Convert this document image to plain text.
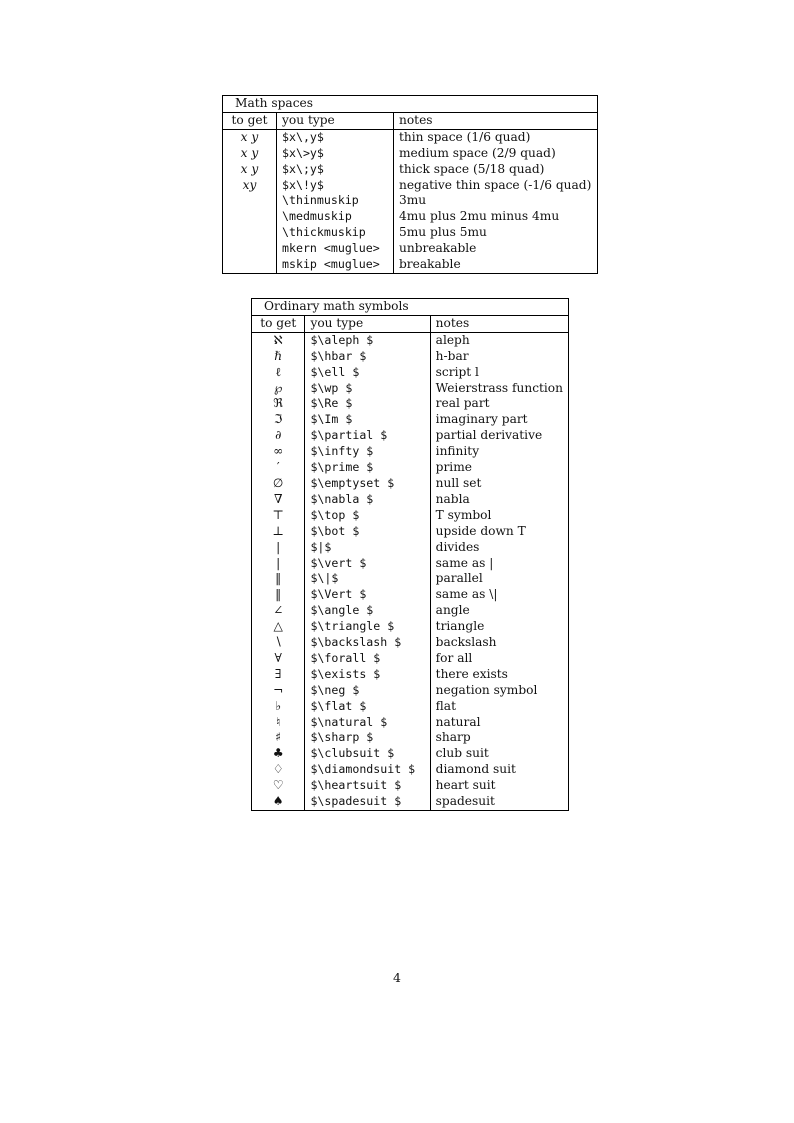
Math spaces		
to get	you type	notes
x y	$x\,y$	thin space (1/6 quad)
x y	$x\>y$	medium space (2/9 quad)
x y	$x\;y$	thick space (5/18 quad)
xy	$x\!y$	negative thin space (-1/6 quad)
	\thinmuskip	3mu
	\medmuskip	4mu plus 2mu minus 4mu
	\thickmuskip	5mu plus 5mu
	mkern <muglue>	unbreakable
	mskip <muglue>	breakable
Ordinary math symbols		
to get	you type	notes
ℵ	$\aleph $	aleph
ℏ	$\hbar $	h-bar
ℓ	$\ell $	script l
℘	$\wp $	Weierstrass function
ℜ	$\Re $	real part
ℑ	$\Im $	imaginary part
∂	$\partial $	partial derivative
∞	$\infty $	infinity
′	$\prime $	prime
∅	$\emptyset $	null set
∇	$\nabla $	nabla
⊤	$\top $	T symbol
⊥	$\bot $	upside down T
|	$|$	divides
|	$\vert $	same as |
‖	$\|$	parallel
‖	$\Vert $	same as \|
∠	$\angle $	angle
△	$\triangle $	triangle
∖	$\backslash $	backslash
∀	$\forall $	for all
∃	$\exists $	there exists
¬	$\neg $	negation symbol
♭	$\flat $	flat
♮	$\natural $	natural
♯	$\sharp $	sharp
♣	$\clubsuit $	club suit
♢	$\diamondsuit $	diamond suit
♡	$\heartsuit $	heart suit
♠	$\spadesuit $	spadesuit
4
